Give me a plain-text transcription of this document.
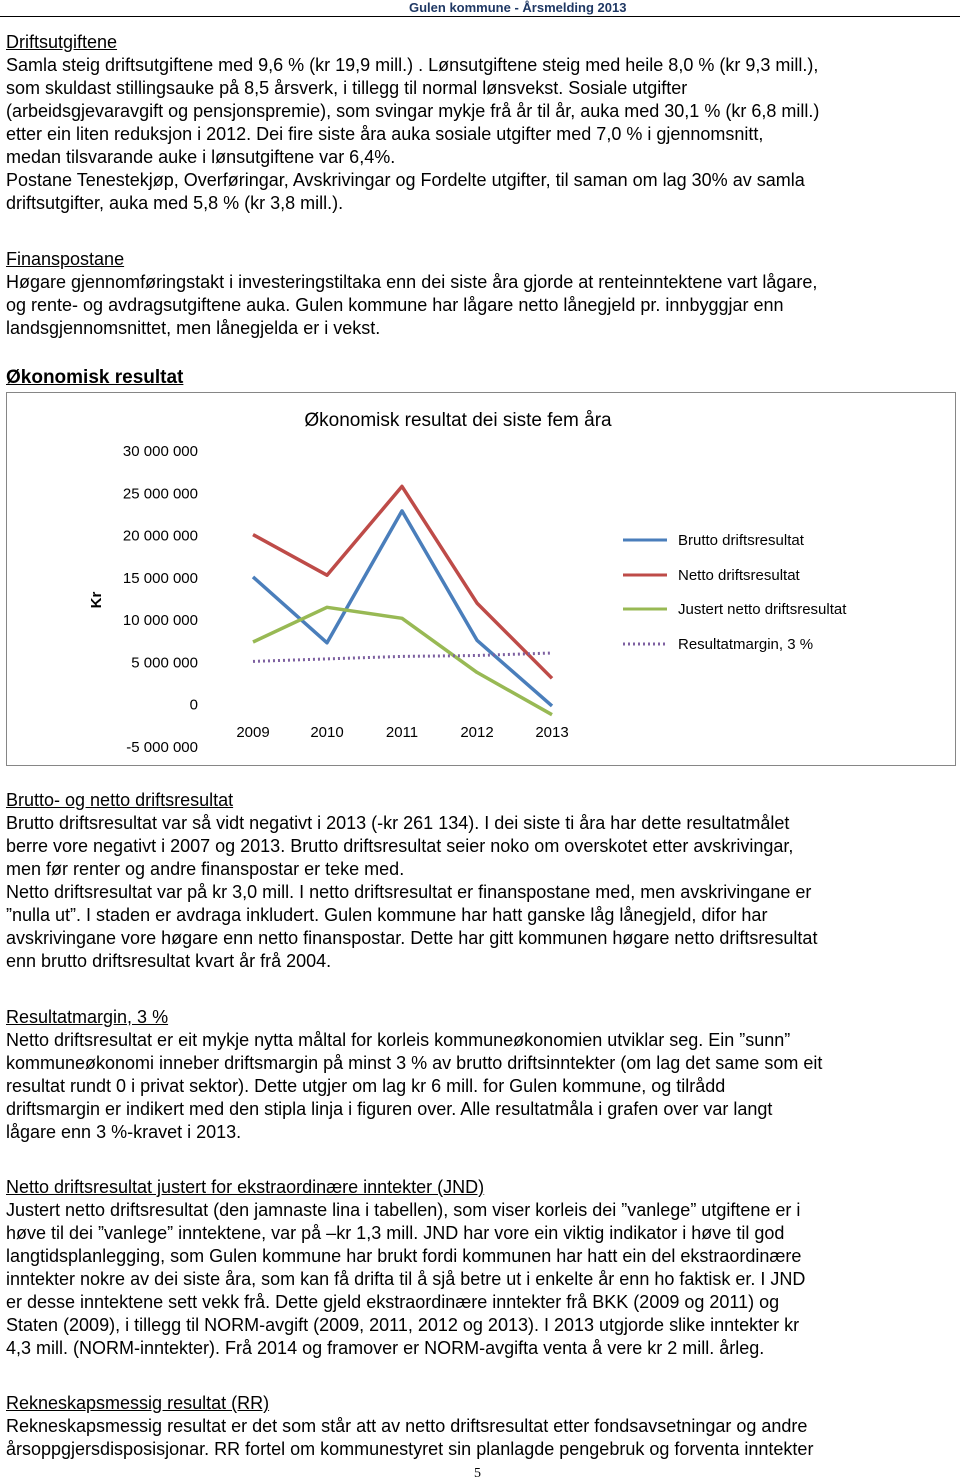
Gulen kommune - Årsmelding 2013
Driftsutgiftene
Samla steig driftsutgiftene med 9,6 % (kr 19,9 mill.) . Lønsutgiftene steig med heile 8,0 % (kr 9,3 mill.),
som skuldast stillingsauke på 8,5 årsverk, i tillegg til normal lønsvekst. Sosiale utgifter
(arbeidsgjevaravgift og pensjonspremie), som svingar mykje frå år til år, auka med 30,1 % (kr 6,8 mill.)
etter ein liten reduksjon i 2012. Dei fire siste åra auka sosiale utgifter med 7,0 % i gjennomsnitt,
medan tilsvarande auke i lønsutgiftene var 6,4%.
Postane Tenestekjøp, Overføringar, Avskrivingar og Fordelte utgifter, til saman om lag 30% av samla
driftsutgifter, auka med 5,8 % (kr 3,8 mill.).
Finanspostane
Høgare gjennomføringstakt i investeringstiltaka enn dei siste åra gjorde at renteinntektene vart lågare,
og rente- og avdragsutgiftene auka. Gulen kommune har lågare netto lånegjeld pr. innbyggjar enn
landsgjennomsnittet, men lånegjelda er i vekst.
Økonomisk resultat
Økonomisk resultat dei siste fem åra
Kr
30 000 000
25 000 000
20 000 000
15 000 000
10 000 000
5 000 000
0
-5 000 000
2009	2010	2011	2012	2013
Brutto driftsresultat
Netto driftsresultat
Justert netto driftsresultat
Resultatmargin, 3 %
Brutto- og netto driftsresultat
Brutto driftsresultat var så vidt negativt i 2013 (-kr 261 134). I dei siste ti åra har dette resultatmålet
berre vore negativt i 2007 og 2013. Brutto driftsresultat seier noko om overskotet etter avskrivingar,
men før renter og andre finanspostar er teke med.
Netto driftsresultat var på kr 3,0 mill. I netto driftsresultat er finanspostane med, men avskrivingane er
”nulla ut”. I staden er avdraga inkludert. Gulen kommune har hatt ganske låg lånegjeld, difor har
avskrivingane vore høgare enn netto finanspostar. Dette har gitt kommunen høgare netto driftsresultat
enn brutto driftsresultat kvart år frå 2004.
Resultatmargin, 3 %
Netto driftsresultat er eit mykje nytta måltal for korleis kommuneøkonomien utviklar seg. Ein ”sunn”
kommuneøkonomi inneber driftsmargin på minst 3 % av brutto driftsinntekter (om lag det same som eit
resultat rundt 0 i privat sektor). Dette utgjer om lag kr 6 mill. for Gulen kommune, og tilrådd
driftsmargin er indikert med den stipla linja i figuren over. Alle resultatmåla i grafen over var langt
lågare enn 3 %-kravet i 2013.
Netto driftsresultat justert for ekstraordinære inntekter (JND)
Justert netto driftsresultat (den jamnaste lina i tabellen), som viser korleis dei ”vanlege” utgiftene er i
høve til dei ”vanlege” inntektene, var på –kr 1,3 mill. JND har vore ein viktig indikator i høve til god
langtidsplanlegging, som Gulen kommune har brukt fordi kommunen har hatt ein del ekstraordinære
inntekter nokre av dei siste åra, som kan få drifta til å sjå betre ut i enkelte år enn ho faktisk er. I JND
er desse inntektene sett vekk frå. Dette gjeld ekstraordinære inntekter frå BKK (2009 og 2011) og
Staten (2009), i tillegg til NORM-avgift (2009, 2011, 2012 og 2013). I 2013 utgjorde slike inntekter kr
4,3 mill. (NORM-inntekter). Frå 2014 og framover er NORM-avgifta venta å vere kr 2 mill. årleg.
Rekneskapsmessig resultat (RR)
Rekneskapsmessig resultat er det som står att av netto driftsresultat etter fondsavsetningar og andre
årsoppgjersdisposisjonar. RR fortel om kommunestyret sin planlagde pengebruk og forventa inntekter
5
